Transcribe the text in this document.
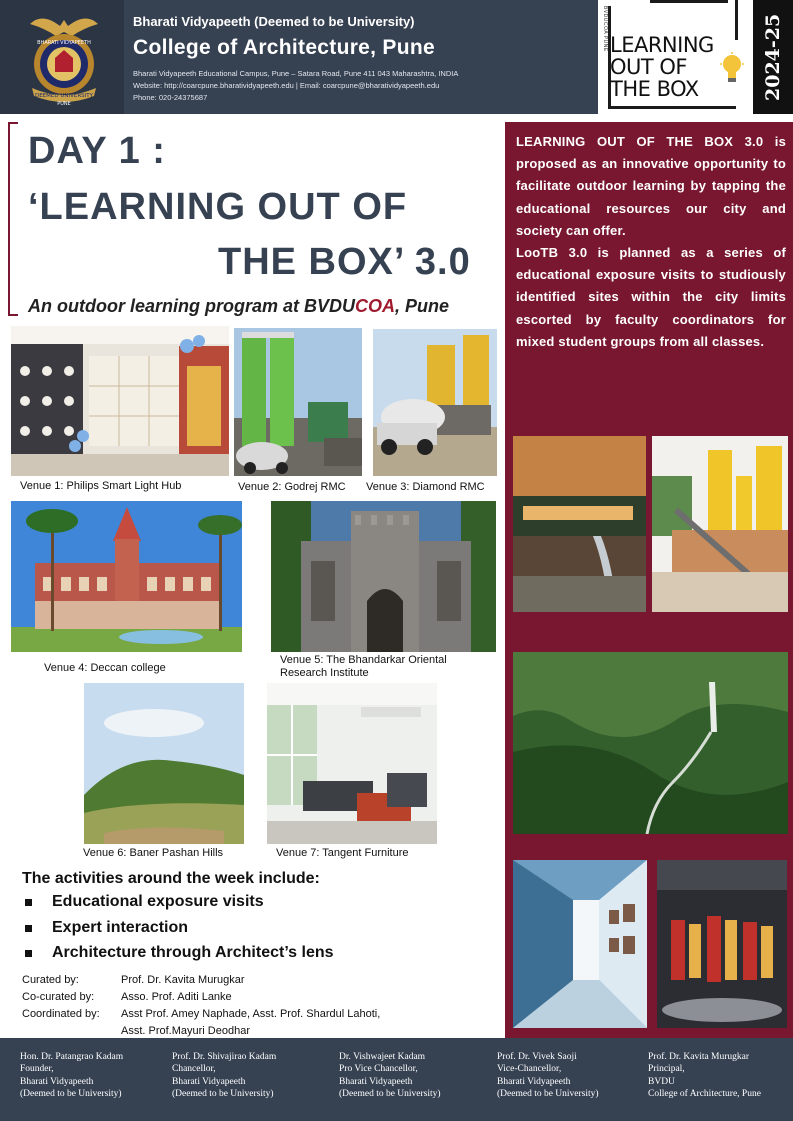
BHARATI VIDYAPEETH
DEEMED UNIVERSITY
PUNE
Bharati Vidyapeeth (Deemed to be University)
College of Architecture, Pune
Bharati Vidyapeeth Educational Campus, Pune – Satara Road, Pune 411 043 Maharashtra, INDIA
Website: http://coarcpune.bharatividyapeeth.edu | Email: coarcpune@bharatividyapeeth.edu
Phone: 020-24375687
BVDUCOA PUNE LEARNING
OUT OF
THE BOX	2024-25
DAY 1 :
‘LEARNING OUT OF
THE BOX’ 3.0
An outdoor learning program at BVDUCOA, Pune
Venue 1: Philips Smart Light Hub	Venue 2: Godrej RMC Venue 3: Diamond RMC
Venue 4: Deccan college
Venue 5: The Bhandarkar Oriental
Research Institute
Venue 6: Baner Pashan Hills	Venue 7: Tangent Furniture
The activities around the week include:
Educational exposure visits
Expert interaction
Architecture through Architect’s lens
Curated by:	Prof. Dr. Kavita Murugkar
Co-curated by: Asso. Prof. Aditi Lanke
Coordinated by: Asst Prof. Amey Naphade, Asst. Prof. Shardul Lahoti,
Asst. Prof.Mayuri Deodhar

LEARNING OUT OF THE BOX 3.0 is proposed as an innovative opportunity to facilitate outdoor learning by tapping the educational resources our city and society can offer.

LooTB 3.0 is planned as a series of educational exposure visits to studiously identified sites within the city limits escorted by faculty coordinators for mixed student groups from all classes.

Hon. Dr. Patangrao Kadam
Founder,
Bharati Vidyapeeth
(Deemed to be University)
Prof. Dr. Shivajirao Kadam
Chancellor,
Bharati Vidyapeeth
(Deemed to be University)
Dr. Vishwajeet Kadam
Pro Vice Chancellor,
Bharati Vidyapeeth
(Deemed to be University)
Prof. Dr. Vivek Saoji
Vice-Chancellor,
Bharati Vidyapeeth
(Deemed to be University)
Prof. Dr. Kavita Murugkar
Principal,
BVDU
College of Architecture, Pune
